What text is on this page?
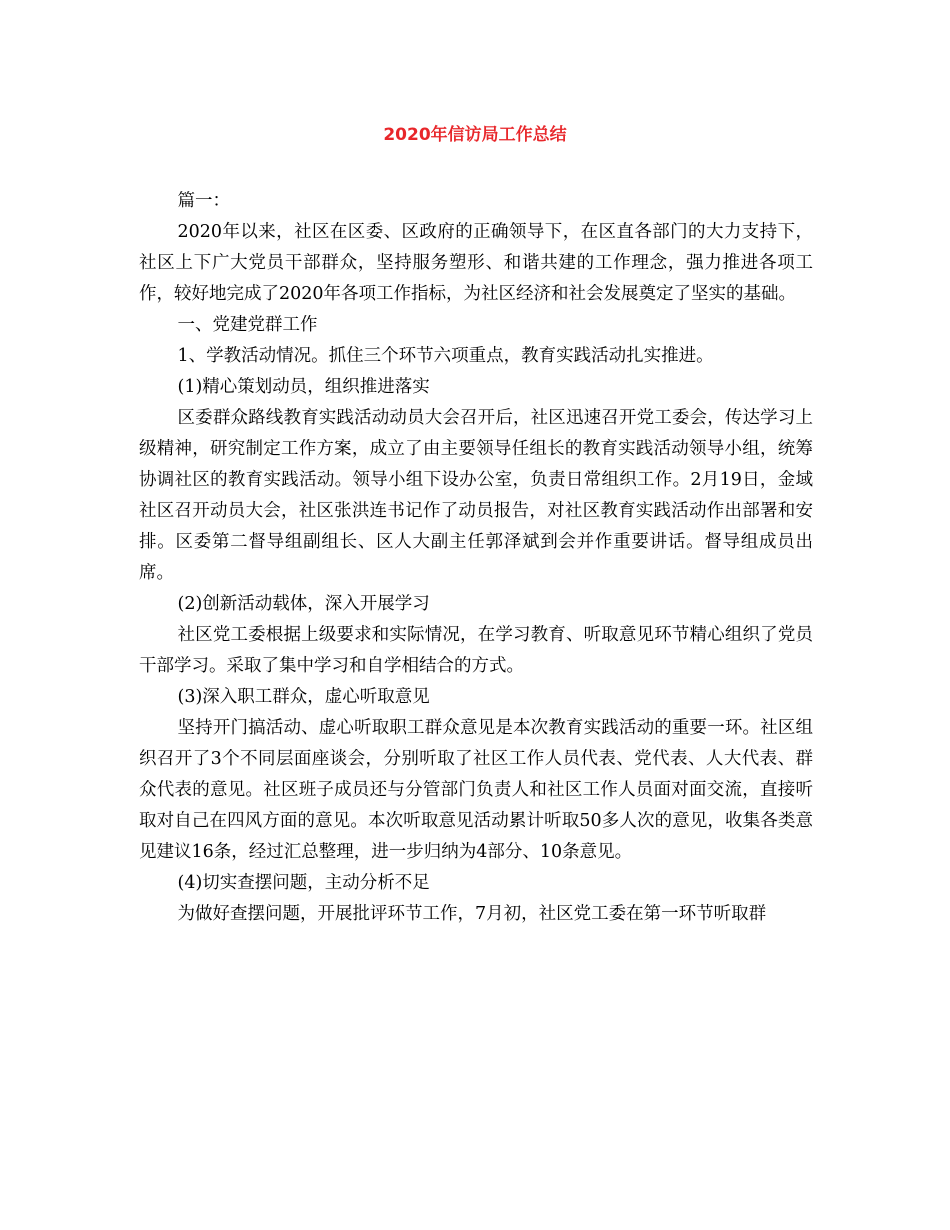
2020年信访局工作总结

篇一：

2020年以来，社区在区委、区政府的正确领导下，在区直各部门的大力支持下，社区上下广大党员干部群众，坚持服务塑形、和谐共建的工作理念，强力推进各项工作，较好地完成了2020年各项工作指标，为社区经济和社会发展奠定了坚实的基础。

一、党建党群工作

1、学教活动情况。抓住三个环节六项重点，教育实践活动扎实推进。

(1)精心策划动员，组织推进落实

区委群众路线教育实践活动动员大会召开后，社区迅速召开党工委会，传达学习上级精神，研究制定工作方案，成立了由主要领导任组长的教育实践活动领导小组，统筹协调社区的教育实践活动。领导小组下设办公室，负责日常组织工作。2月19日，金域社区召开动员大会，社区张洪连书记作了动员报告，对社区教育实践活动作出部署和安排。区委第二督导组副组长、区人大副主任郭泽斌到会并作重要讲话。督导组成员出席。

(2)创新活动载体，深入开展学习

社区党工委根据上级要求和实际情况，在学习教育、听取意见环节精心组织了党员干部学习。采取了集中学习和自学相结合的方式。

(3)深入职工群众，虚心听取意见

坚持开门搞活动、虚心听取职工群众意见是本次教育实践活动的重要一环。社区组织召开了3个不同层面座谈会，分别听取了社区工作人员代表、党代表、人大代表、群众代表的意见。社区班子成员还与分管部门负责人和社区工作人员面对面交流，直接听取对自己在四风方面的意见。本次听取意见活动累计听取50多人次的意见，收集各类意见建议16条，经过汇总整理，进一步归纳为4部分、10条意见。

(4)切实查摆问题，主动分析不足

为做好查摆问题，开展批评环节工作，7月初，社区党工委在第一环节听取群
